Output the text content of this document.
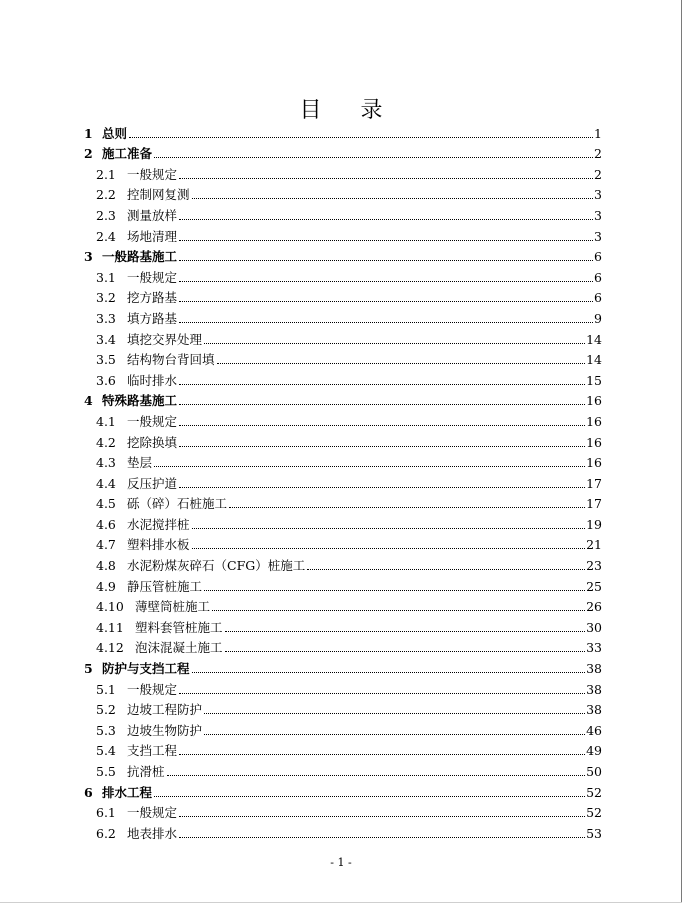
目 录
1 总则	1
2 施工准备	2
2.1 一般规定	2
2.2 控制网复测	3
2.3 测量放样	3
2.4 场地清理	3
3 一般路基施工	6
3.1 一般规定	6
3.2 挖方路基	6
3.3 填方路基	9
3.4 填挖交界处理	14
3.5 结构物台背回填	14
3.6 临时排水	15
4 特殊路基施工	16
4.1 一般规定	16
4.2 挖除换填	16
4.3 垫层	16
4.4 反压护道	17
4.5 砾（碎）石桩施工	17
4.6 水泥搅拌桩	19
4.7 塑料排水板	21
4.8 水泥粉煤灰碎石（CFG）桩施工	23
4.9 静压管桩施工	25
4.10 薄壁筒桩施工	26
4.11 塑料套管桩施工	30
4.12 泡沫混凝土施工	33
5 防护与支挡工程	38
5.1 一般规定	38
5.2 边坡工程防护	38
5.3 边坡生物防护	46
5.4 支挡工程	49
5.5 抗滑桩	50
6 排水工程	52
6.1 一般规定	52
6.2 地表排水	53
- 1 -
